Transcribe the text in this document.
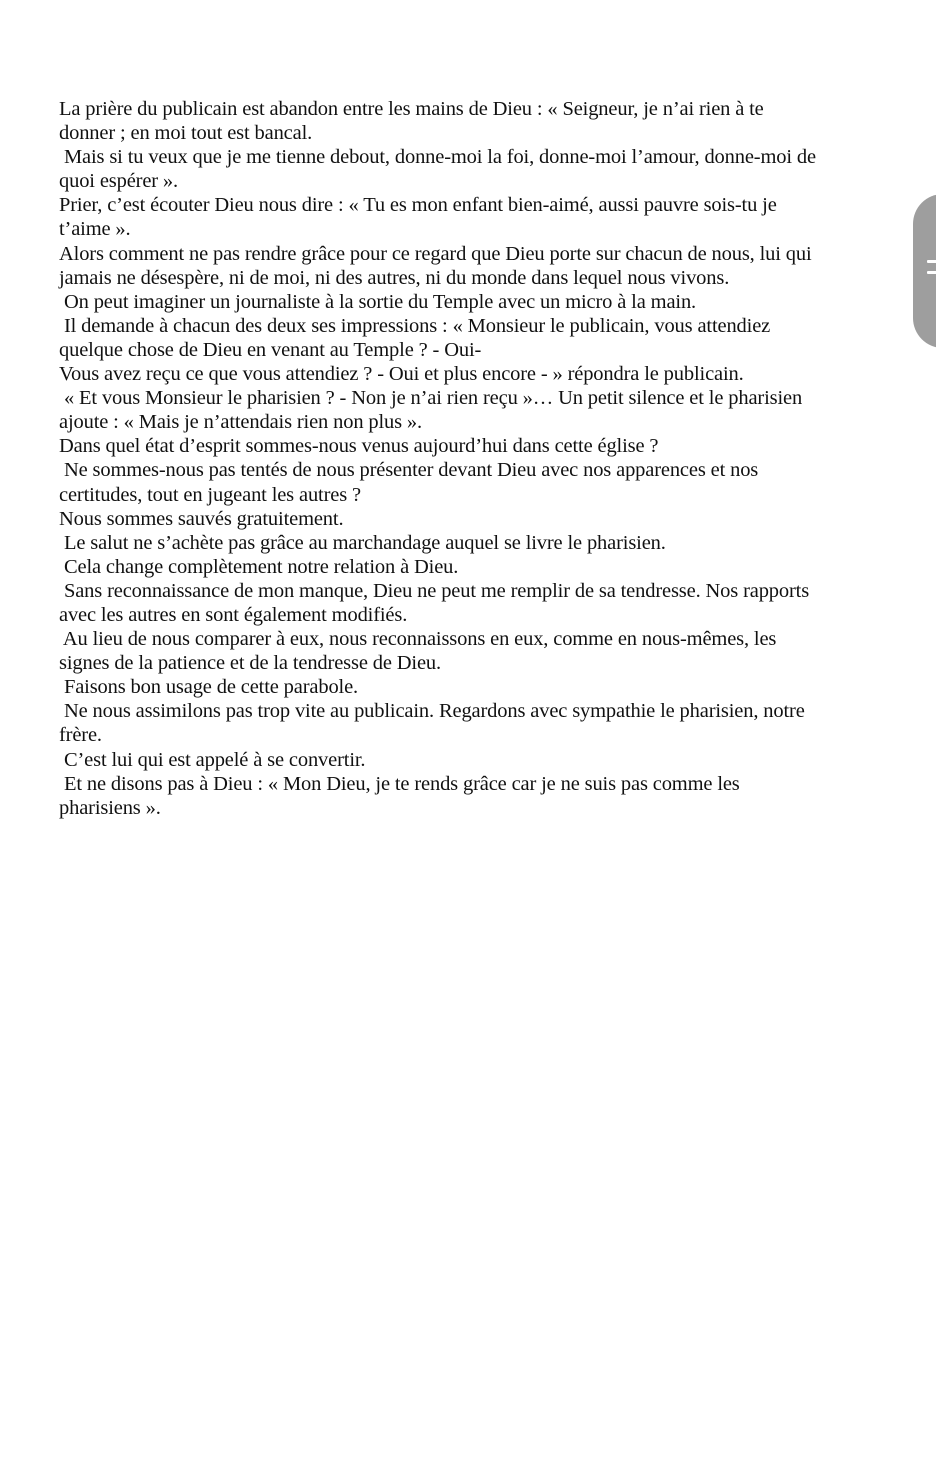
La prière du publicain est abandon entre les mains de Dieu : « Seigneur, je n’ai rien à te
donner ; en moi tout est bancal.
Mais si tu veux que je me tienne debout, donne-moi la foi, donne-moi l’amour, donne-moi de
quoi espérer ».
Prier, c’est écouter Dieu nous dire : « Tu es mon enfant bien-aimé, aussi pauvre sois-tu je
t’aime ».
Alors comment ne pas rendre grâce pour ce regard que Dieu porte sur chacun de nous, lui qui
jamais ne désespère, ni de moi, ni des autres, ni du monde dans lequel nous vivons.
On peut imaginer un journaliste à la sortie du Temple avec un micro à la main.
Il demande à chacun des deux ses impressions : « Monsieur le publicain, vous attendiez
quelque chose de Dieu en venant au Temple ? - Oui-
Vous avez reçu ce que vous attendiez ? - Oui et plus encore - » répondra le publicain.
« Et vous Monsieur le pharisien ? - Non je n’ai rien reçu »… Un petit silence et le pharisien
ajoute : « Mais je n’attendais rien non plus ».
Dans quel état d’esprit sommes-nous venus aujourd’hui dans cette église ?
Ne sommes-nous pas tentés de nous présenter devant Dieu avec nos apparences et nos
certitudes, tout en jugeant les autres ?
Nous sommes sauvés gratuitement.
Le salut ne s’achète pas grâce au marchandage auquel se livre le pharisien.
Cela change complètement notre relation à Dieu.
Sans reconnaissance de mon manque, Dieu ne peut me remplir de sa tendresse. Nos rapports
avec les autres en sont également modifiés.
Au lieu de nous comparer à eux, nous reconnaissons en eux, comme en nous-mêmes, les
signes de la patience et de la tendresse de Dieu.
Faisons bon usage de cette parabole.
Ne nous assimilons pas trop vite au publicain. Regardons avec sympathie le pharisien, notre
frère.
C’est lui qui est appelé à se convertir.
Et ne disons pas à Dieu : « Mon Dieu, je te rends grâce car je ne suis pas comme les
pharisiens ».
